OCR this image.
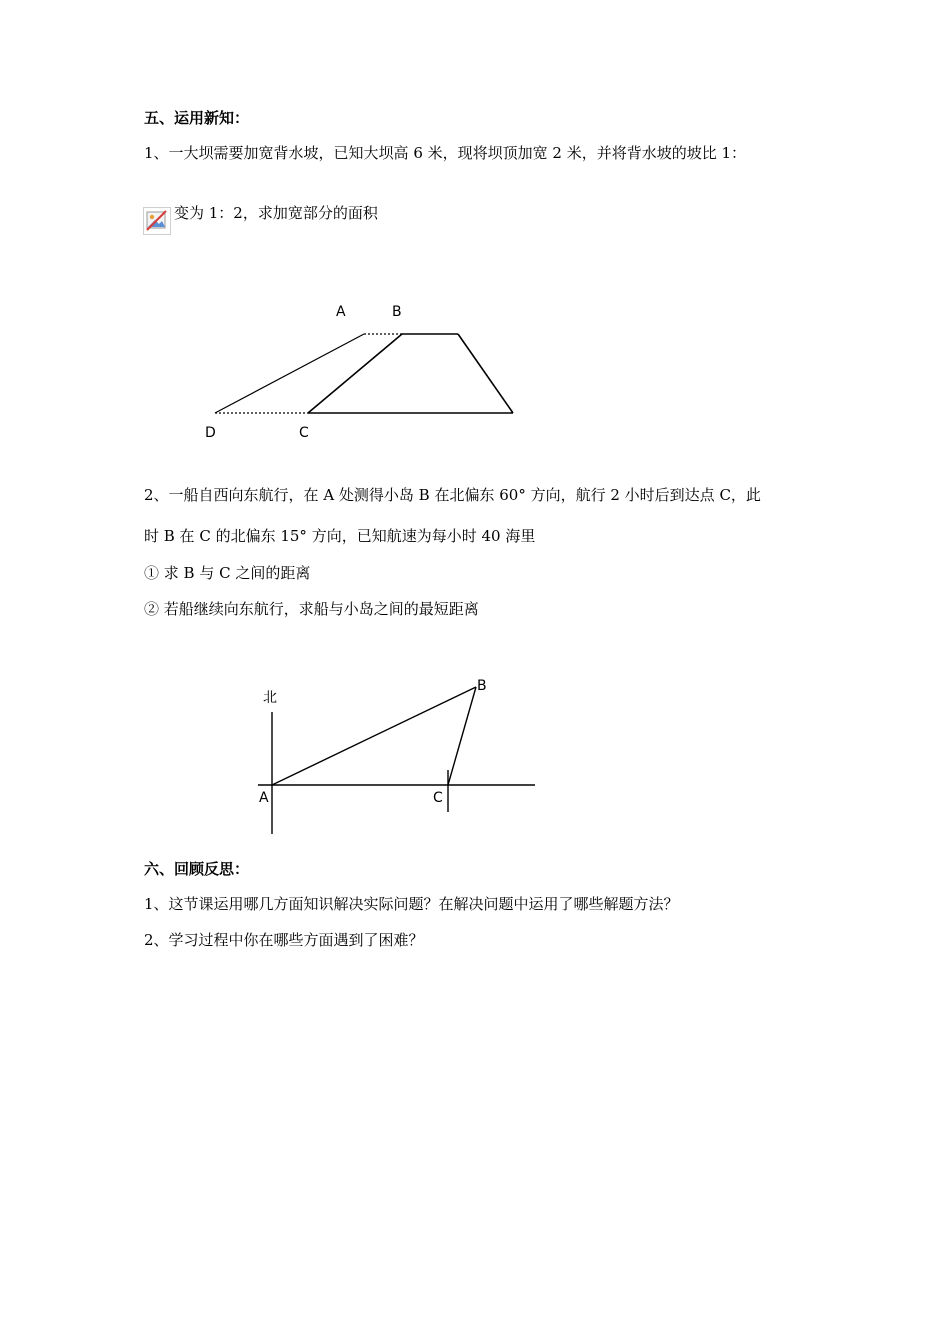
五、运用新知：
1、一大坝需要加宽背水坡，已知大坝高 6 米，现将坝顶加宽 2 米，并将背水坡的坡比 1：
变为 1：2，求加宽部分的面积
A	B
D	C
北
A
B
C
2、一船自西向东航行，在 A 处测得小岛 B 在北偏东 60° 方向，航行 2 小时后到达点 C，此
时 B 在 C 的北偏东 15° 方向，已知航速为每小时 40 海里
① 求 B 与 C 之间的距离
② 若船继续向东航行，求船与小岛之间的最短距离
六、回顾反思：
1、这节课运用哪几方面知识解决实际问题？在解决问题中运用了哪些解题方法？
2、学习过程中你在哪些方面遇到了困难？
